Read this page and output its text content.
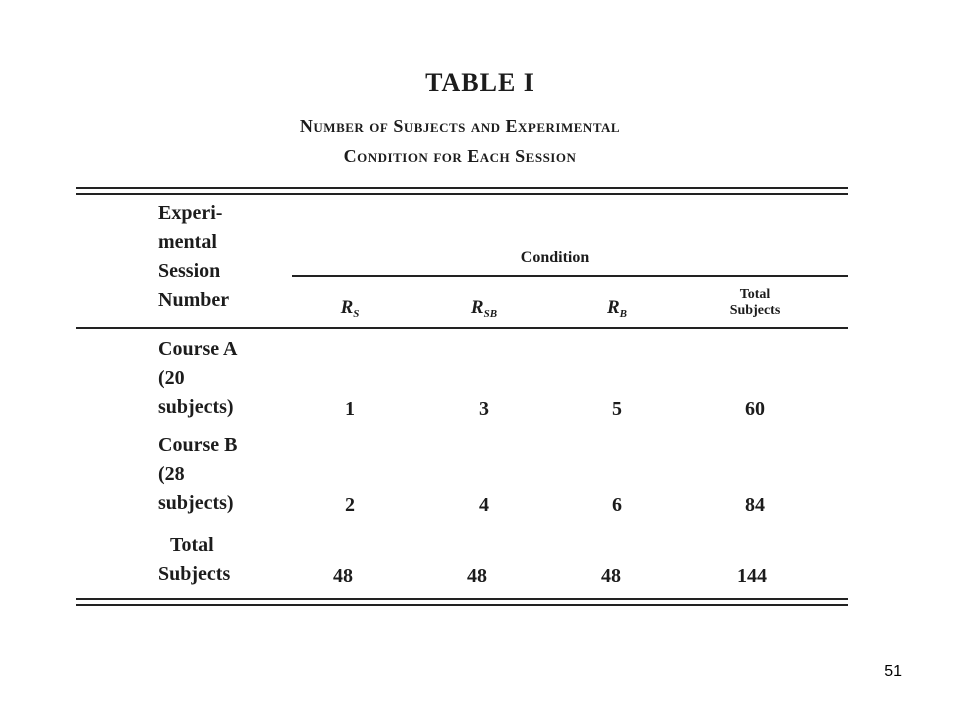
TABLE I
Number of Subjects and Experimental
Condition for Each Session
Experi-
mental
Session
Number
Condition
$R_S$	$R_{SB}$	$R_B$
Total
Subjects
Course A
(20
subjects)	1	3	5	60
Course B
(28
subjects)	2	4	6	84
Total
Subjects	48	48	48	144
51
